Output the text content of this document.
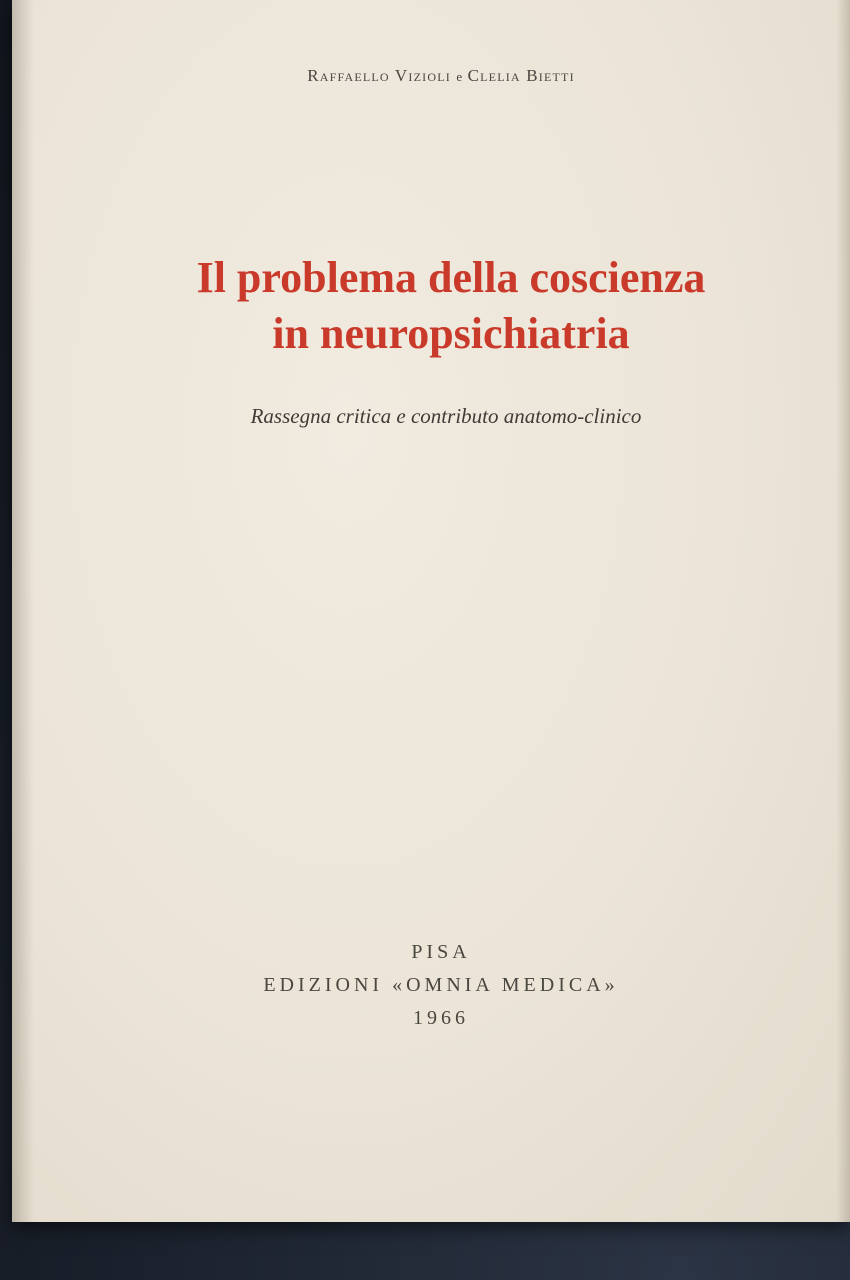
Raffaello Vizioli e Clelia Bietti
Il problema della coscienza
in neuropsichiatria
Rassegna critica e contributo anatomo-clinico
PISA
EDIZIONI «OMNIA MEDICA»
1966
